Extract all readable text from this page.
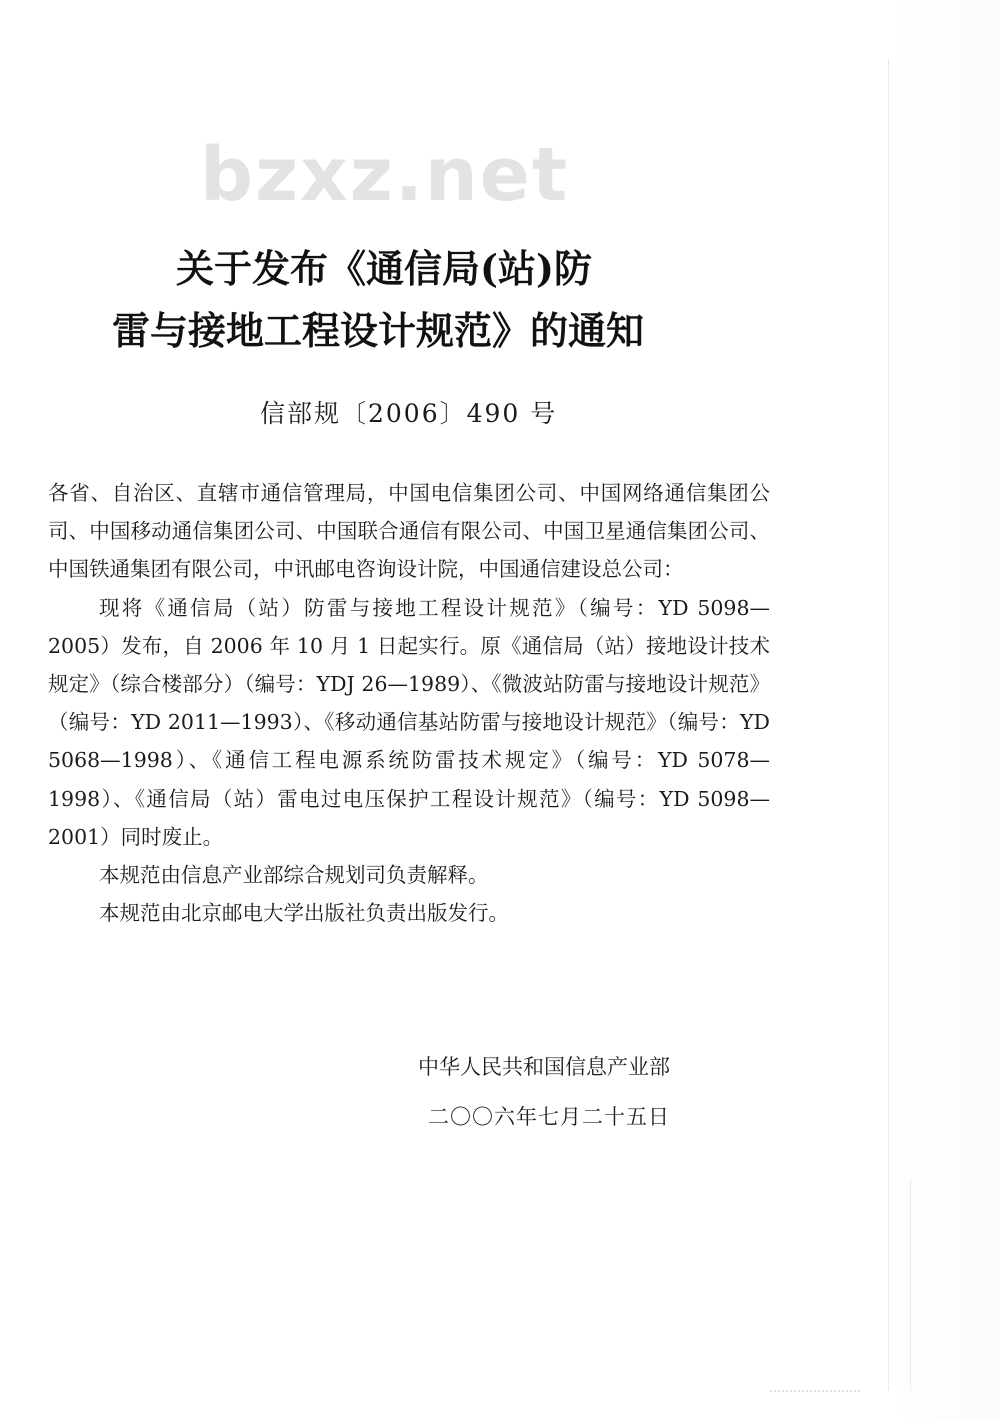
bzxz.net
关于发布《通信局(站)防
雷与接地工程设计规范》的通知
信部规〔2006〕490 号

各省、自治区、直辖市通信管理局，中国电信集团公司、中国网络通信集团公司、中国移动通信集团公司、中国联合通信有限公司、中国卫星通信集团公司、中国铁通集团有限公司，中讯邮电咨询设计院，中国通信建设总公司：

现将《通信局（站）防雷与接地工程设计规范》（编号：YD 5098—2005）发布，自 2006 年 10 月 1 日起实行。原《通信局（站）接地设计技术规定》（综合楼部分）（编号：YDJ 26—1989）、《微波站防雷与接地设计规范》（编号：YD 2011—1993）、《移动通信基站防雷与接地设计规范》（编号：YD 5068—1998）、《通信工程电源系统防雷技术规定》（编号：YD 5078—1998）、《通信局（站）雷电过电压保护工程设计规范》（编号：YD 5098—2001）同时废止。

本规范由信息产业部综合规划司负责解释。

本规范由北京邮电大学出版社负责出版发行。

中华人民共和国信息产业部
二〇〇六年七月二十五日
